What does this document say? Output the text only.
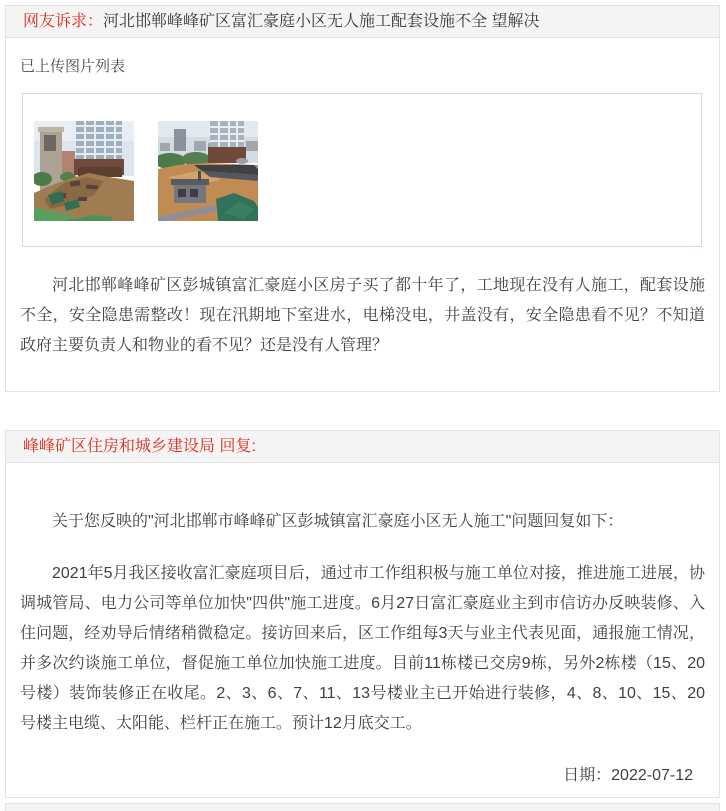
网友诉求：河北邯郸峰峰矿区富汇豪庭小区无人施工配套设施不全 望解决
已上传图片列表

河北邯郸峰峰矿区彭城镇富汇豪庭小区房子买了都十年了，工地现在没有人施工，配套设施不全，安全隐患需整改！现在汛期地下室进水，电梯没电，井盖没有，安全隐患看不见？不知道政府主要负责人和物业的看不见？还是没有人管理？

峰峰矿区住房和城乡建设局 回复:

关于您反映的"河北邯郸市峰峰矿区彭城镇富汇豪庭小区无人施工"问题回复如下：

2021年5月我区接收富汇豪庭项目后，通过市工作组积极与施工单位对接，推进施工进展，协调城管局、电力公司等单位加快"四供"施工进度。6月27日富汇豪庭业主到市信访办反映装修、入住问题，经劝导后情绪稍微稳定。接访回来后，区工作组每3天与业主代表见面，通报施工情况，并多次约谈施工单位，督促施工单位加快施工进度。目前11栋楼已交房9栋，另外2栋楼（15、20号楼）装饰装修正在收尾。2、3、6、7、11、13号楼业主已开始进行装修，4、8、10、15、20号楼主电缆、太阳能、栏杆正在施工。预计12月底交工。

日期：2022-07-12
